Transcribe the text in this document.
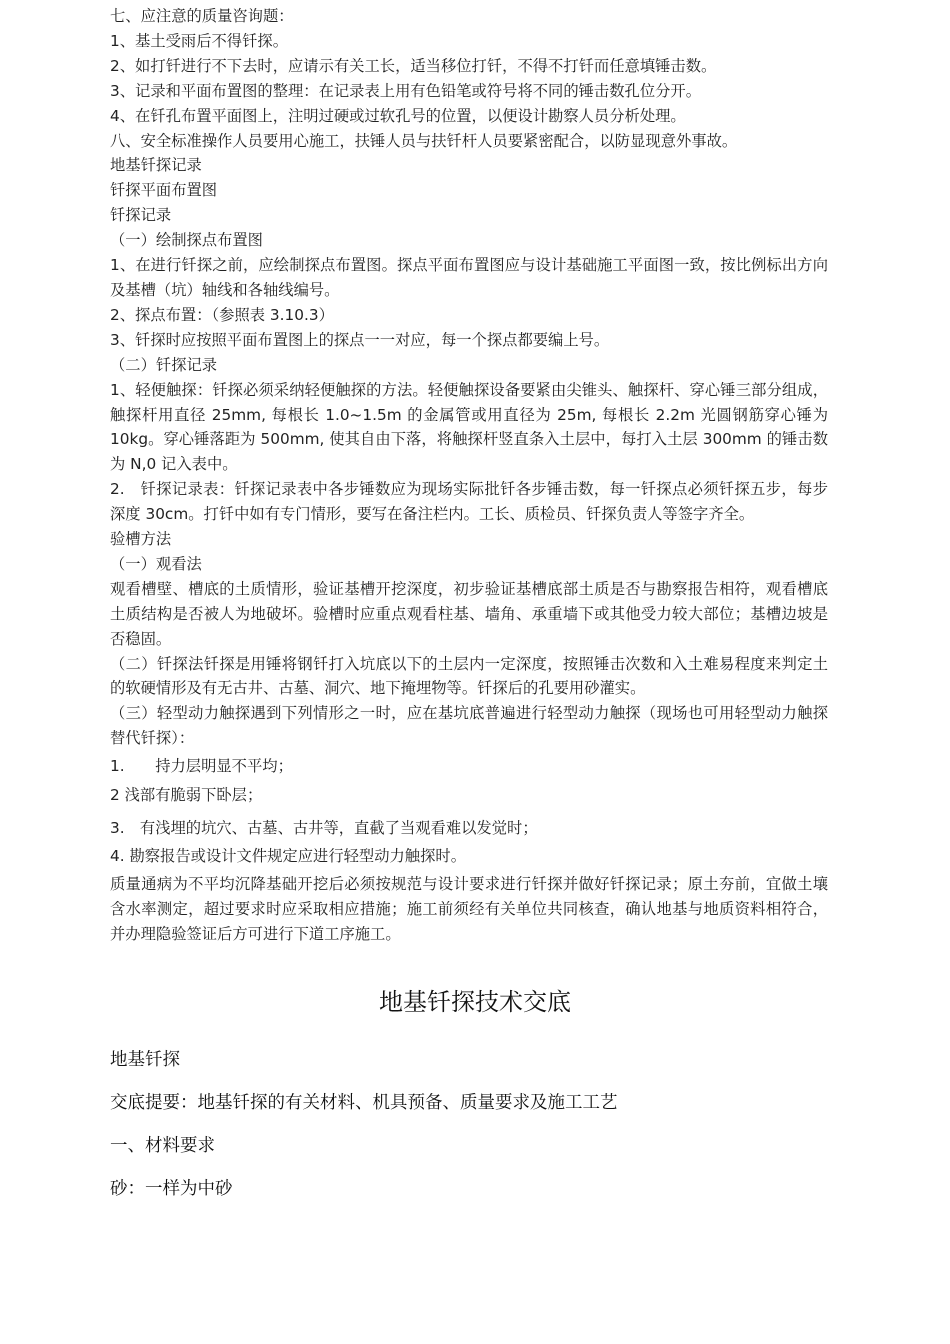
七、应注意的质量咨询题：
1、基土受雨后不得钎探。
2、如打钎进行不下去时，应请示有关工长，适当移位打钎，不得不打钎而任意填锤击数。
3、记录和平面布置图的整理：在记录表上用有色铅笔或符号将不同的锤击数孔位分开。
4、在钎孔布置平面图上，注明过硬或过软孔号的位置，以便设计勘察人员分析处理。
八、安全标准操作人员要用心施工，扶锤人员与扶钎杆人员要紧密配合，以防显现意外事故。
地基钎探记录
钎探平面布置图
钎探记录
（一）绘制探点布置图
1、在进行钎探之前，应绘制探点布置图。探点平面布置图应与设计基础施工平面图一致，按比例标出方向及基槽（坑）轴线和各轴线编号。
2、探点布置：（参照表 3.10.3）
3、钎探时应按照平面布置图上的探点一一对应，每一个探点都要编上号。
（二）钎探记录
1、轻便触探：钎探必须采纳轻便触探的方法。轻便触探设备要紧由尖锥头、触探杆、穿心锤三部分组成，触探杆用直径 25mm, 每根长 1.0~1.5m 的金属管或用直径为 25m, 每根长 2.2m 光圆钢筋穿心锤为 10kg。穿心锤落距为 500mm, 使其自由下落，将触探杆竖直条入土层中，每打入土层 300mm 的锤击数为 N,0 记入表中。
2.　钎探记录表：钎探记录表中各步锤数应为现场实际批钎各步锤击数，每一钎探点必须钎探五步，每步深度 30cm。打钎中如有专门情形，要写在备注栏内。工长、质检员、钎探负责人等签字齐全。
验槽方法
（一）观看法
观看槽壁、槽底的土质情形，验证基槽开挖深度，初步验证基槽底部土质是否与勘察报告相符，观看槽底土质结构是否被人为地破坏。验槽时应重点观看柱基、墙角、承重墙下或其他受力较大部位；基槽边坡是否稳固。
（二）钎探法钎探是用锤将钢钎打入坑底以下的土层内一定深度，按照锤击次数和入土难易程度来判定土的软硬情形及有无古井、古墓、洞穴、地下掩埋物等。钎探后的孔要用砂灌实。
（三）轻型动力触探遇到下列情形之一时，应在基坑底普遍进行轻型动力触探（现场也可用轻型动力触探替代钎探）：
1.　　持力层明显不平均；
2 浅部有脆弱下卧层；
3.　有浅埋的坑穴、古墓、古井等，直截了当观看难以发觉时；
4. 勘察报告或设计文件规定应进行轻型动力触探时。
质量通病为不平均沉降基础开挖后必须按规范与设计要求进行钎探并做好钎探记录；原土夯前，宜做土壤含水率测定，超过要求时应采取相应措施；施工前须经有关单位共同核查，确认地基与地质资料相符合，并办理隐验签证后方可进行下道工序施工。
地基钎探技术交底
地基钎探
交底提要：地基钎探的有关材料、机具预备、质量要求及施工工艺
一、材料要求
砂：一样为中砂
